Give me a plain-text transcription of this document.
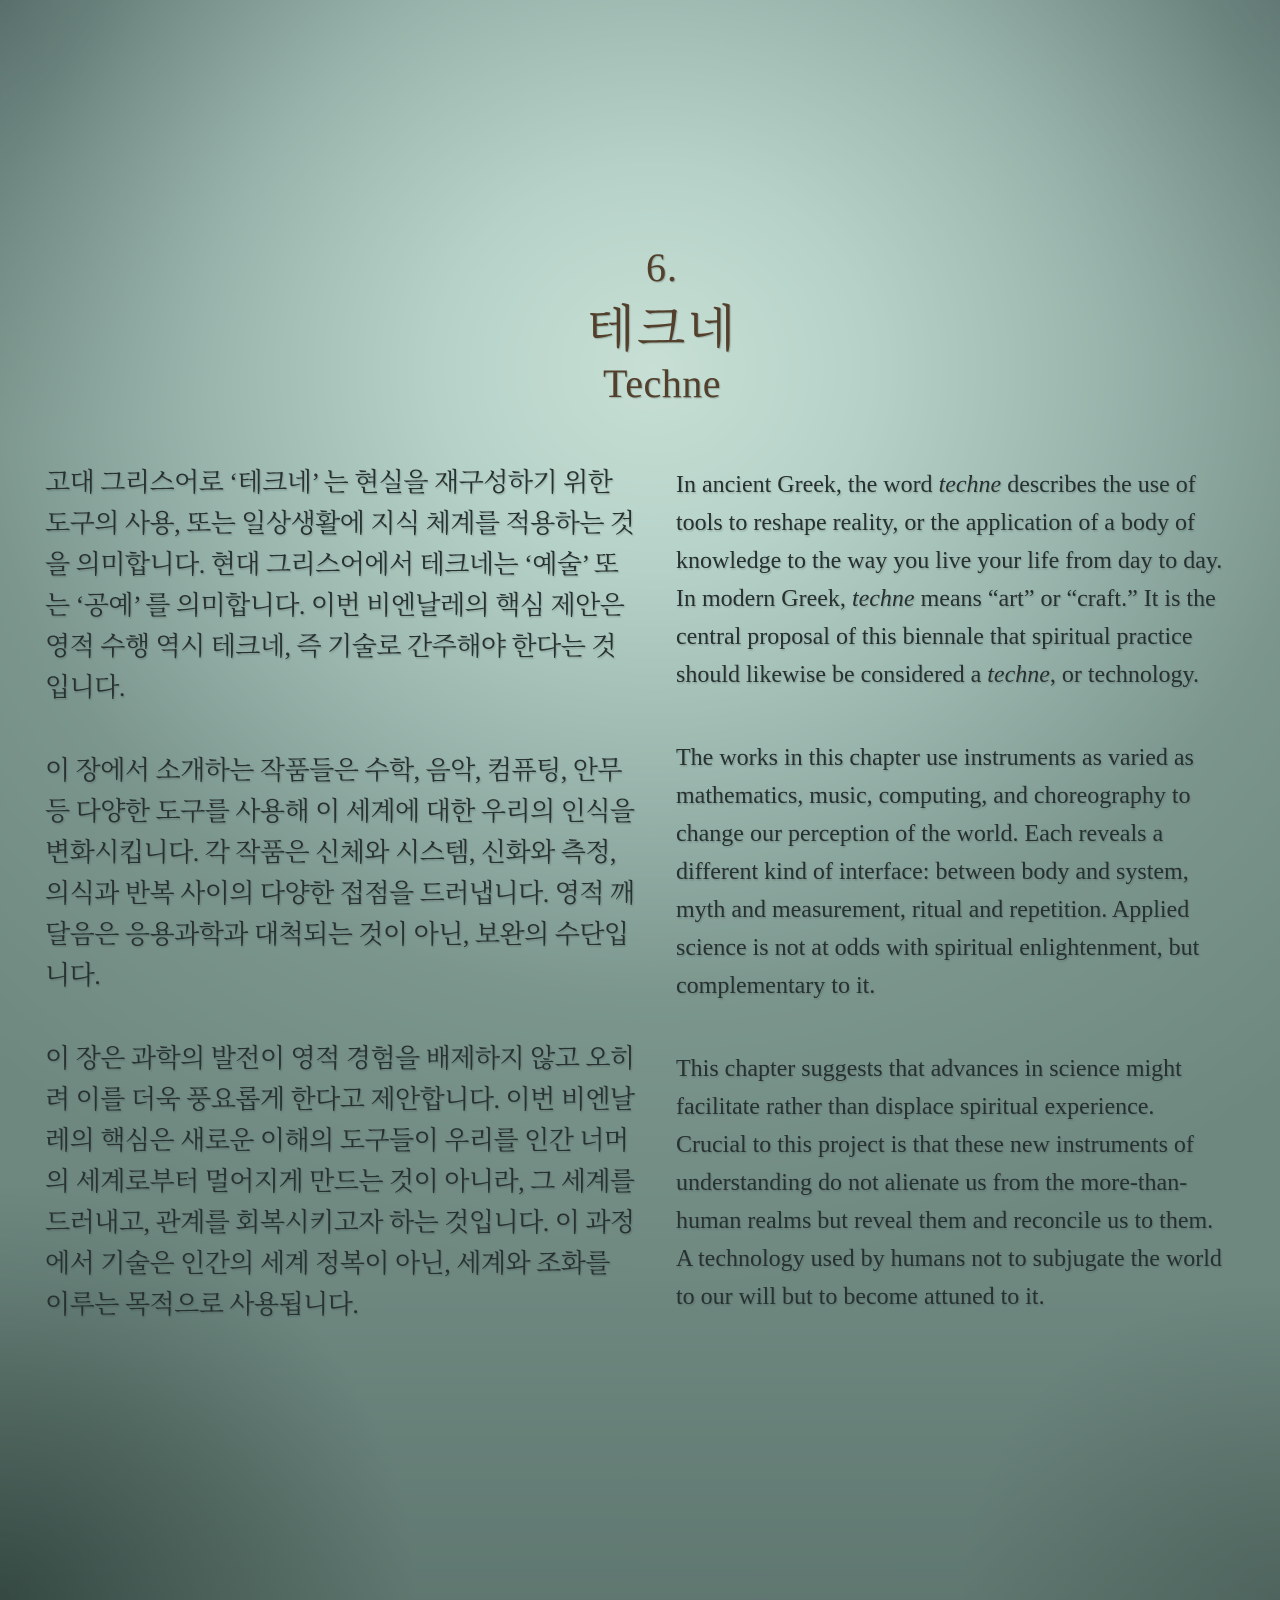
6.
테크네
Techne

고대 그리스어로 ‘테크네’ 는 현실을 재구성하기 위한 도구의 사용, 또는 일상생활에 지식 체계를 적용하는 것을 의미합니다. 현대 그리스어에서 테크네는 ‘예술’ 또는 ‘공예’ 를 의미합니다. 이번 비엔날레의 핵심 제안은 영적 수행 역시 테크네, 즉 기술로 간주해야 한다는 것입니다.

이 장에서 소개하는 작품들은 수학, 음악, 컴퓨팅, 안무 등 다양한 도구를 사용해 이 세계에 대한 우리의 인식을 변화시킵니다. 각 작품은 신체와 시스템, 신화와 측정, 의식과 반복 사이의 다양한 접점을 드러냅니다. 영적 깨달음은 응용과학과 대척되는 것이 아닌, 보완의 수단입니다.

이 장은 과학의 발전이 영적 경험을 배제하지 않고 오히려 이를 더욱 풍요롭게 한다고 제안합니다. 이번 비엔날레의 핵심은 새로운 이해의 도구들이 우리를 인간 너머의 세계로부터 멀어지게 만드는 것이 아니라, 그 세계를 드러내고, 관계를 회복시키고자 하는 것입니다. 이 과정에서 기술은 인간의 세계 정복이 아닌, 세계와 조화를 이루는 목적으로 사용됩니다.

In ancient Greek, the word techne describes the use of tools to reshape reality, or the application of a body of knowledge to the way you live your life from day to day. In modern Greek, techne means “art” or “craft.” It is the central proposal of this biennale that spiritual practice should likewise be considered a techne, or technology.

The works in this chapter use instruments as varied as mathematics, music, computing, and choreography to change our perception of the world. Each reveals a different kind of interface: between body and system, myth and measurement, ritual and repetition. Applied science is not at odds with spiritual enlightenment, but complementary to it.

This chapter suggests that advances in science might facilitate rather than displace spiritual experience. Crucial to this project is that these new instruments of understanding do not alienate us from the more-than-human realms but reveal them and reconcile us to them. A technology used by humans not to subjugate the world to our will but to become attuned to it.
